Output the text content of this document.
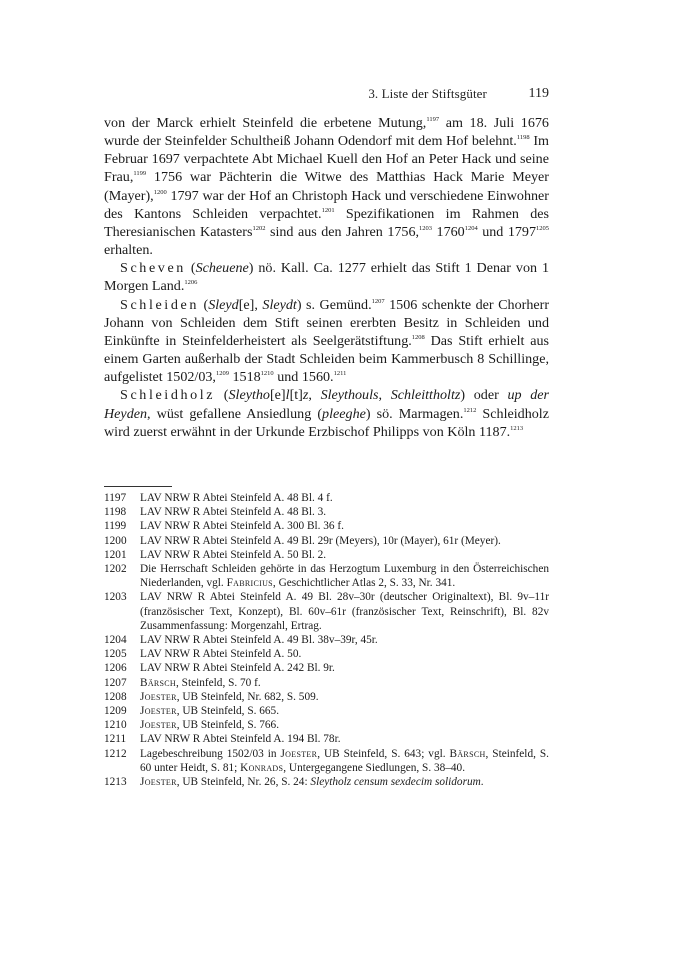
3. Liste der Stiftsgüter	119

von der Marck erhielt Steinfeld die erbetene Mutung,$^{1197}$ am 18. Juli 1676 wurde der Steinfelder Schultheiß Johann Odendorf mit dem Hof belehnt.$^{1198}$ Im Februar 1697 verpachtete Abt Michael Kuell den Hof an Peter Hack und seine Frau,$^{1199}$ 1756 war Pächterin die Witwe des Matthias Hack Marie Meyer (Mayer),$^{1200}$ 1797 war der Hof an Christoph Hack und verschiedene Einwohner des Kantons Schleiden verpachtet.$^{1201}$ Spezifikationen im Rahmen des Theresianischen Katasters$^{1202}$ sind aus den Jahren 1756,$^{1203}$ $1760^{1204}$ und $1797^{1205}$ erhalten.

Scheven (Scheuene) nö. Kall. Ca. 1277 erhielt das Stift 1 Denar von 1 Morgen Land.$^{1206}$

Schleiden (Sleyd[e], Sleydt) s. Gemünd.$^{1207}$ 1506 schenkte der Chorherr Johann von Schleiden dem Stift seinen ererbten Besitz in Schleiden und Einkünfte in Steinfelderheistert als Seelgerätstiftung.$^{1208}$ Das Stift erhielt aus einem Garten außerhalb der Stadt Schleiden beim Kammerbusch 8 Schillinge, aufgelistet 1502/03,$^{1209}$ $1518^{1210}$ und 1560.$^{1211}$

Schleidholz (Sleytho[e]l[t]z, Sleythouls, Schleittholtz) oder up der Heyden, wüst gefallene Ansiedlung (pleeghe) sö. Marmagen.$^{1212}$ Schleidholz wird zuerst erwähnt in der Urkunde Erzbischof Philipps von Köln 1187.$^{1213}$

1197	LAV NRW R Abtei Steinfeld A. 48 Bl. 4 f.
1198	LAV NRW R Abtei Steinfeld A. 48 Bl. 3.
1199	LAV NRW R Abtei Steinfeld A. 300 Bl. 36 f.
1200	LAV NRW R Abtei Steinfeld A. 49 Bl. 29r (Meyers), 10r (Mayer), 61r (Meyer).
1201	LAV NRW R Abtei Steinfeld A. 50 Bl. 2.
1202	Die Herrschaft Schleiden gehörte in das Herzogtum Luxemburg in den Österreichischen Niederlanden, vgl. Fabricius, Geschichtlicher Atlas 2, S. 33, Nr. 341.
1203	LAV NRW R Abtei Steinfeld A. 49 Bl. 28v–30r (deutscher Originaltext), Bl. 9v–11r (französischer Text, Konzept), Bl. 60v–61r (französischer Text, Reinschrift), Bl. 82v Zusammenfassung: Morgenzahl, Ertrag.
1204	LAV NRW R Abtei Steinfeld A. 49 Bl. 38v–39r, 45r.
1205	LAV NRW R Abtei Steinfeld A. 50.
1206	LAV NRW R Abtei Steinfeld A. 242 Bl. 9r.
1207	Bärsch, Steinfeld, S. 70 f.
1208	Joester, UB Steinfeld, Nr. 682, S. 509.
1209	Joester, UB Steinfeld, S. 665.
1210	Joester, UB Steinfeld, S. 766.
1211	LAV NRW R Abtei Steinfeld A. 194 Bl. 78r.
1212	Lagebeschreibung 1502/03 in Joester, UB Steinfeld, S. 643; vgl. Bärsch, Steinfeld, S. 60 unter Heidt, S. 81; Konrads, Untergegangene Siedlungen, S. 38–40.
1213	Joester, UB Steinfeld, Nr. 26, S. 24: Sleytholz censum sexdecim solidorum.
